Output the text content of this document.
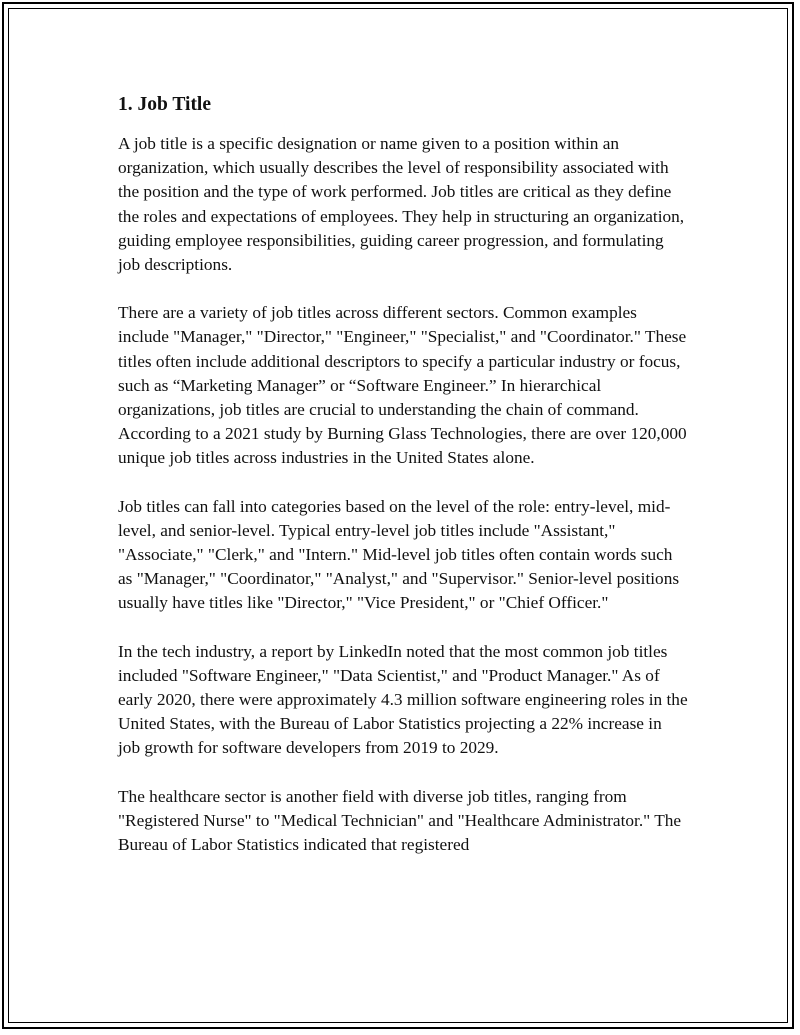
1. Job Title

A job title is a specific designation or name given to a position within an organization, which usually describes the level of responsibility associated with the position and the type of work performed. Job titles are critical as they define the roles and expectations of employees. They help in structuring an organization, guiding employee responsibilities, guiding career progression, and formulating job descriptions.

There are a variety of job titles across different sectors. Common examples include "Manager," "Director," "Engineer," "Specialist," and "Coordinator." These titles often include additional descriptors to specify a particular industry or focus, such as “Marketing Manager” or “Software Engineer.” In hierarchical organizations, job titles are crucial to understanding the chain of command. According to a 2021 study by Burning Glass Technologies, there are over 120,000 unique job titles across industries in the United States alone.

Job titles can fall into categories based on the level of the role: entry-level, mid-level, and senior-level. Typical entry-level job titles include "Assistant," "Associate," "Clerk," and "Intern." Mid-level job titles often contain words such as "Manager," "Coordinator," "Analyst," and "Supervisor." Senior-level positions usually have titles like "Director," "Vice President," or "Chief Officer."

In the tech industry, a report by LinkedIn noted that the most common job titles included "Software Engineer," "Data Scientist," and "Product Manager." As of early 2020, there were approximately 4.3 million software engineering roles in the United States, with the Bureau of Labor Statistics projecting a 22% increase in job growth for software developers from 2019 to 2029.

The healthcare sector is another field with diverse job titles, ranging from "Registered Nurse" to "Medical Technician" and "Healthcare Administrator." The Bureau of Labor Statistics indicated that registered
